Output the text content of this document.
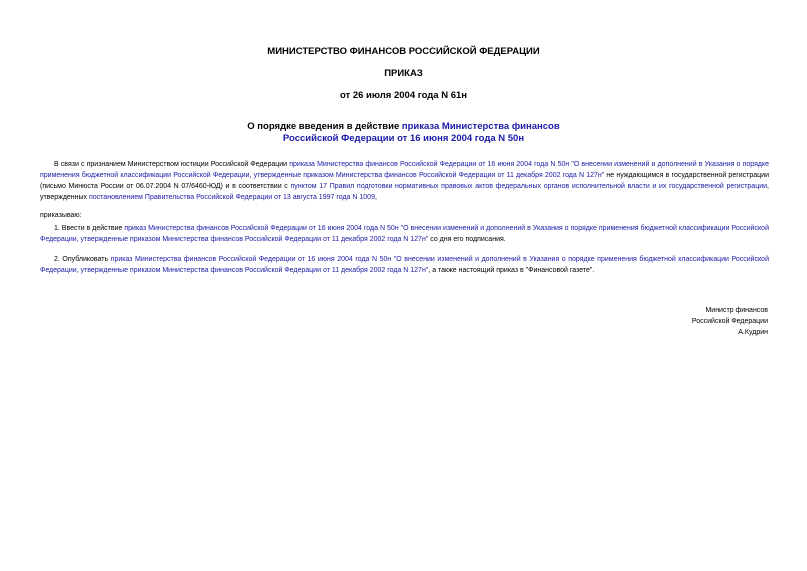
МИНИСТЕРСТВО ФИНАНСОВ РОССИЙСКОЙ ФЕДЕРАЦИИ
ПРИКАЗ
от 26 июля 2004 года N 61н
О порядке введения в действие приказа Министерства финансов
Российской Федерации от 16 июня 2004 года N 50н
В связи с признанием Министерством юстиции Российской Федерации приказа Министерства финансов Российской Федерации от 16 июня 2004 года N 50н "О внесении изменений и дополнений в Указания о порядке применения бюджетной классификации Российской Федерации, утвержденные приказом Министерства финансов Российской Федерации от 11 декабря 2002 года N 127н" не нуждающимся в государственной регистрации (письмо Минюста России от 06.07.2004 N 07/6460-ЮД) и в соответствии с пунктом 17 Правил подготовки нормативных правовых актов федеральных органов исполнительной власти и их государственной регистрации, утвержденных постановлением Правительства Российской Федерации от 13 августа 1997 года N 1009,
приказываю:
1. Ввести в действие приказ Министерства финансов Российской Федерации от 16 июня 2004 года N 50н "О внесении изменений и дополнений в Указания о порядке применения бюджетной классификации Российской Федерации, утвержденные приказом Министерства финансов Российской Федерации от 11 декабря 2002 года N 127н" со дня его подписания.
2. Опубликовать приказ Министерства финансов Российской Федерации от 16 июня 2004 года N 50н "О внесении изменений и дополнений в Указания о порядке применения бюджетной классификации Российской Федерации, утвержденные приказом Министерства финансов Российской Федерации от 11 декабря 2002 года N 127н", а также настоящий приказ в "Финансовой газете".
Министр финансов
Российской Федерации
А.Кудрин
